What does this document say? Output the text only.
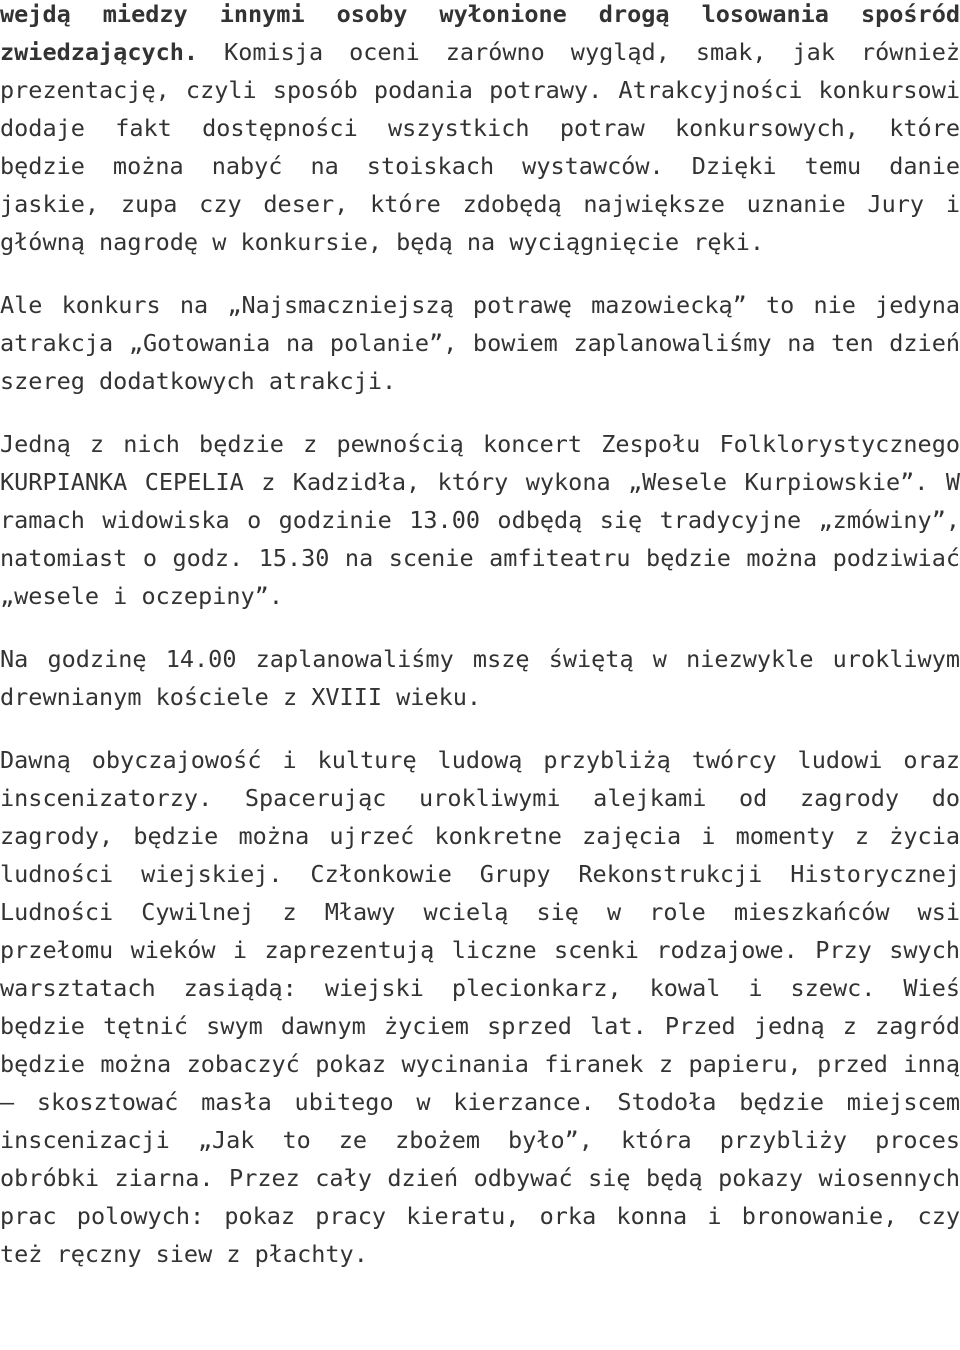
wejdą miedzy innymi osoby wyłonione drogą losowania spośród zwiedzających. Komisja oceni zarówno wygląd, smak, jak również prezentację, czyli sposób podania potrawy. Atrakcyjności konkursowi dodaje fakt dostępności wszystkich potraw konkursowych, które będzie można nabyć na stoiskach wystawców. Dzięki temu danie jaskie, zupa czy deser, które zdobędą największe uznanie Jury i główną nagrodę w konkursie, będą na wyciągnięcie ręki.

Ale konkurs na „Najsmaczniejszą potrawę mazowiecką” to nie jedyna atrakcja „Gotowania na polanie”, bowiem zaplanowaliśmy na ten dzień szereg dodatkowych atrakcji.

Jedną z nich będzie z pewnością koncert Zespołu Folklorystycznego KURPIANKA CEPELIA z Kadzidła, który wykona „Wesele Kurpiowskie”. W ramach widowiska o godzinie 13.00 odbędą się tradycyjne „zmówiny”, natomiast o godz. 15.30 na scenie amfiteatru będzie można podziwiać „wesele i oczepiny”.

Na godzinę 14.00 zaplanowaliśmy mszę świętą w niezwykle urokliwym drewnianym kościele z XVIII wieku.

Dawną obyczajowość i kulturę ludową przybliżą twórcy ludowi oraz inscenizatorzy. Spacerując urokliwymi alejkami od zagrody do zagrody, będzie można ujrzeć konkretne zajęcia i momenty z życia ludności wiejskiej. Członkowie Grupy Rekonstrukcji Historycznej Ludności Cywilnej z Mławy wcielą się w role mieszkańców wsi przełomu wieków i zaprezentują liczne scenki rodzajowe. Przy swych warsztatach zasiądą: wiejski plecionkarz, kowal i szewc. Wieś będzie tętnić swym dawnym życiem sprzed lat. Przed jedną z zagród będzie można zobaczyć pokaz wycinania firanek z papieru, przed inną – skosztować masła ubitego w kierzance. Stodoła będzie miejscem inscenizacji „Jak to ze zbożem było”, która przybliży proces obróbki ziarna. Przez cały dzień odbywać się będą pokazy wiosennych prac polowych: pokaz pracy kieratu, orka konna i bronowanie, czy też ręczny siew z płachty.
